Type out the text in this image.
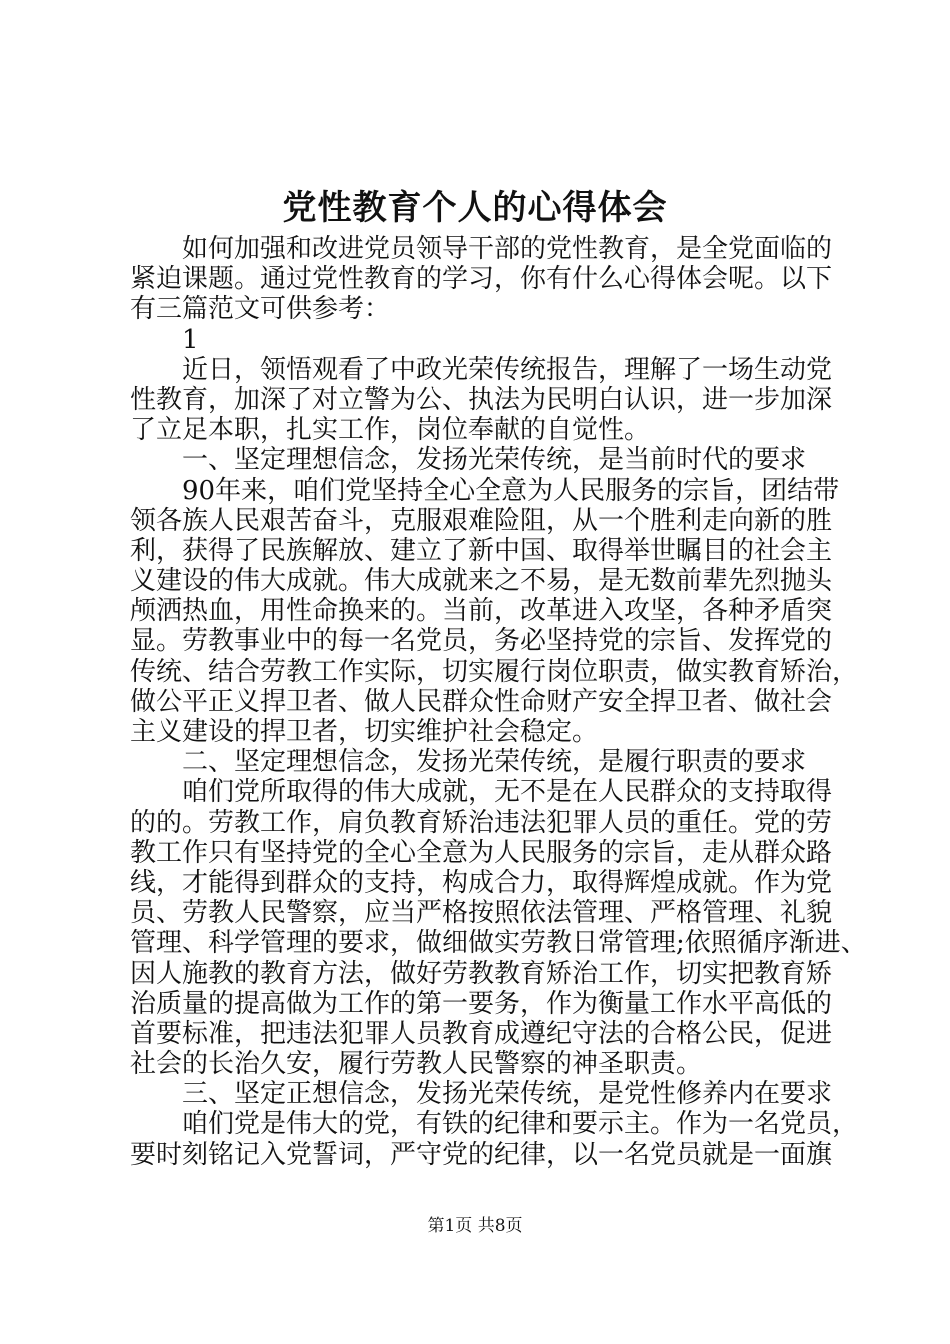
党性教育个人的心得体会
如何加强和改进党员领导干部的党性教育，是全党面临的
紧迫课题。通过党性教育的学习，你有什么心得体会呢。以下
有三篇范文可供参考：
1
近日，领悟观看了中政光荣传统报告，理解了一场生动党
性教育，加深了对立警为公、执法为民明白认识，进一步加深
了立足本职，扎实工作，岗位奉献的自觉性。
一、坚定理想信念，发扬光荣传统，是当前时代的要求
90年来，咱们党坚持全心全意为人民服务的宗旨，团结带
领各族人民艰苦奋斗，克服艰难险阻，从一个胜利走向新的胜
利，获得了民族解放、建立了新中国、取得举世瞩目的社会主
义建设的伟大成就。伟大成就来之不易，是无数前辈先烈抛头
颅洒热血，用性命换来的。当前，改革进入攻坚，各种矛盾突
显。劳教事业中的每一名党员，务必坚持党的宗旨、发挥党的
传统、结合劳教工作实际，切实履行岗位职责，做实教育矫治，
做公平正义捍卫者、做人民群众性命财产安全捍卫者、做社会
主义建设的捍卫者，切实维护社会稳定。
二、坚定理想信念，发扬光荣传统，是履行职责的要求
咱们党所取得的伟大成就，无不是在人民群众的支持取得
的的。劳教工作，肩负教育矫治违法犯罪人员的重任。党的劳
教工作只有坚持党的全心全意为人民服务的宗旨，走从群众路
线，才能得到群众的支持，构成合力，取得辉煌成就。作为党
员、劳教人民警察，应当严格按照依法管理、严格管理、礼貌
管理、科学管理的要求，做细做实劳教日常管理;依照循序渐进、
因人施教的教育方法，做好劳教教育矫治工作，切实把教育矫
治质量的提高做为工作的第一要务，作为衡量工作水平高低的
首要标准，把违法犯罪人员教育成遵纪守法的合格公民，促进
社会的长治久安，履行劳教人民警察的神圣职责。
三、坚定正想信念，发扬光荣传统，是党性修养内在要求
咱们党是伟大的党，有铁的纪律和要示主。作为一名党员，
要时刻铭记入党誓词，严守党的纪律，以一名党员就是一面旗
第1页 共8页
